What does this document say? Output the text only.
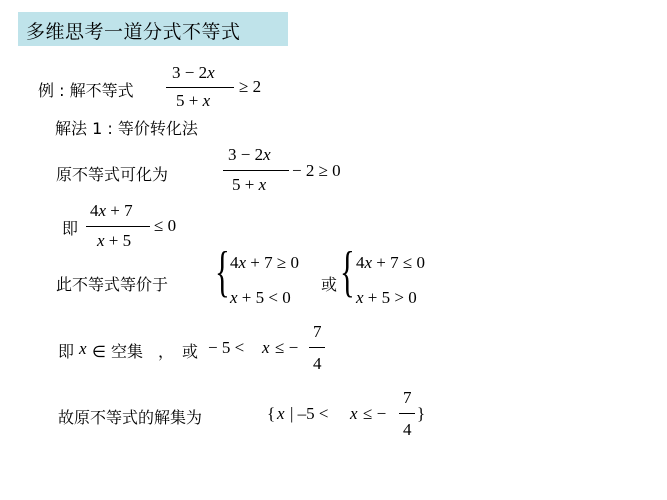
多维思考一道分式不等式
例 : 解不等式
3 − 2x
5 + x
≥ 2
解法 1 : 等价转化法
原不等式可化为
3 − 2x
5 + x
− 2 ≥ 0
即
4x + 7
x + 5
≤ 0
此不等式等价于 { 4x + 7 ≥ 0
x + 5 < 0
或 { 4x + 7 ≤ 0
x + 5 > 0
即 x ∈ 空集 ， 或 − 5 < x ≤ −
7
4
故原不等式的解集为	{ x | –5 < x ≤ −
7
4
}
